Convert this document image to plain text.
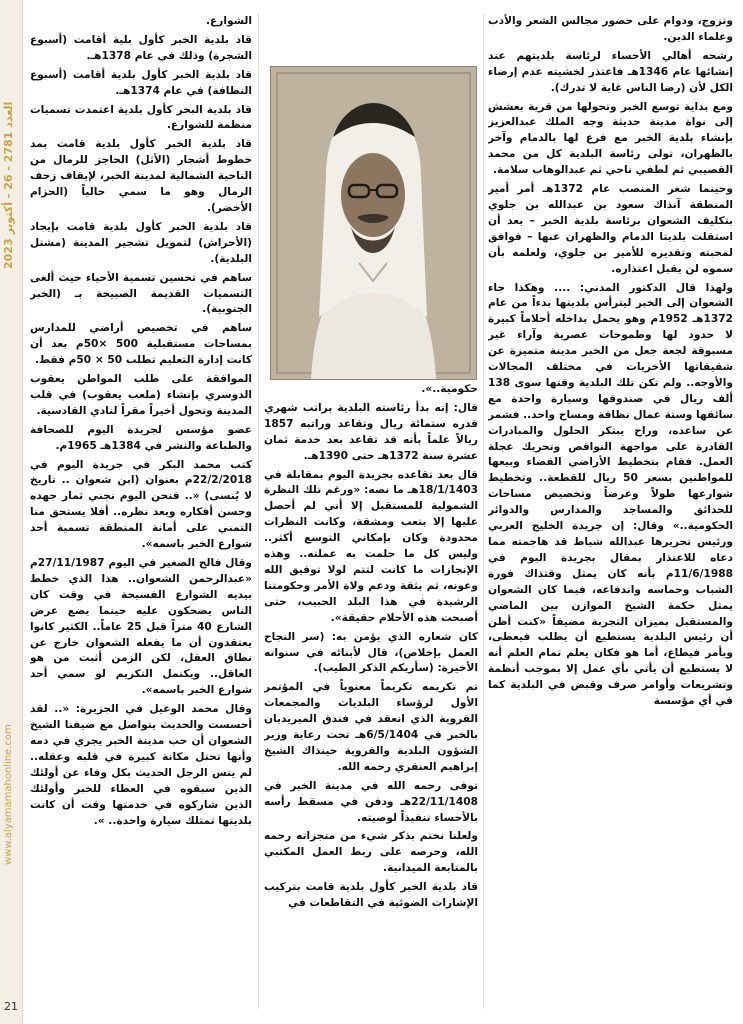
العدد 2781 - 26 - أكتوبر 2023
www.alyamamahonline.com
21

وتزوج، ودوام على حضور مجالس الشعر والأدب وعلماء الدين.

رشحه أهالي الأحساء لرئاسة بلديتهم عند إنشائها عام 1346هـ فاعتذر لخشيته عدم إرضاء الكل لأن (رضا الناس غاية لا تدرك).

ومع بداية توسع الخبر وتحولها من قرية بعشش إلى نواة مدينة حديثة وجه الملك عبدالعزيز بإنشاء بلدية الخبر مع فرع لها بالدمام وآخر بالظهران، تولى رئاسة البلدية كل من محمد القصيبي ثم لطفي ناجي ثم عبدالوهاب سلامة.

وحينما شغر المنصب عام 1372هـ أمر أمير المنطقة آنذاك سعود بن عبدالله بن جلوي بتكليف الشعوان برئاسة بلدية الخبر – بعد أن استقلت بلديتا الدمام والظهران عنها – فوافق لمحبته وتقديره للأمير بن جلوي، ولعلمه بأن سموه لن يقبل اعتذاره.

ولهذا قال الدكتور المدني: .... وهكذا جاء الشعوان إلى الخبر ليترأس بلديتها بدءاً من عام 1372هـ 1952م وهو يحمل بداخله أحلاماً كبيرة لا حدود لها وطموحات عصرية وآراء غير مسبوقة لجعة جعل من الخبر مدينة متميزة عن شقيقاتها الأخريات في مختلف المجالات والأوجه.. ولم تكن تلك البلدية وقتها سوى 138 ألف ريال في صندوقها وسيارة واحدة مع سائقها وستة عمال نظافة ومساح واحد.. فشمر عن ساعده، وراح يبتكر الحلول والمبادرات القادرة على مواجهة النواقص وتحريك عجلة العمل. فقام بتخطيط الأراضي الفضاء وبيعها للمواطنين بسعر 50 ريال للقطعة.. وتخطيط شوارعها طولاً وعرضاً وتخصيص مساحات للحدائق والمساجد والمدارس والدوائر الحكومية..» وقال: إن جريدة الخليج العربي ورئيس تحريرها عبدالله شباط قد هاجمته مما دعاه للاعتذار بمقال بجريدة اليوم في 11/6/1988م بأنه كان يمثل وقتذاك فورة الشباب وحماسه واندفاعه، فيما كان الشعوان يمثل حكمة الشيخ الموازن بين الماضي والمستقبل بميزان التجربة مضيفاً «كنت أظن أن رئيس البلدية يستطيع أن يطلب فيعطى، ويأمر فيطاع، أما هو فكان يعلم تمام العلم أنه لا يستطيع أن يأتي بأي عمل إلا بموجب أنظمة وتشريعات وأوامر صرف وقبض في البلدية كما في أي مؤسسة

حكومية..».

قال: إنه بدأ رئاسته البلدية براتب شهري قدره ستمائة ريال وتقاعد وراتبه 1857 ريالاً علماً بأنه قد تقاعد بعد خدمة ثمان عشرة سنة 1372هـ حتى 1390هـ.

قال بعد تقاعده بجريدة اليوم بمقابلة في 18/1/1403هـ ما نصه: «ورغم تلك النظرة الشمولية للمستقبل إلا أني لم أحصل عليها إلا بتعب ومشقة، وكانت النظرات محدودة وكان بإمكاني التوسع أكثر.. وليس كل ما حلمت به عملته.. وهذه الإنجازات ما كانت لتتم لولا توفيق الله وعونه، ثم بثقة ودعم ولاة الأمر وحكومتنا الرشيدة في هذا البلد الحبيب، حتى أصبحت هذه الأحلام حقيقة».

كان شعاره الذي يؤمن به: (سر النجاح العمل بإخلاص)، قال لأبنائه في سنواته الأخيرة: (سأريكم الذكر الطيب).

تم تكريمه تكريماً معنوياً في المؤتمر الأول لرؤساء البلديات والمجمعات القروية الذي انعقد في فندق الميريديان بالخبر في 6/5/1404هـ تحت رعاية وزير الشؤون البلدية والقروية حينذاك الشيخ إبراهيم العنقري رحمه الله.

توفى رحمه الله في مدينة الخبر في 22/11/1408هـ ودفن في مسقط رأسه بالأحساء تنفيذاً لوصيته.

ولعلنا نختم بذكر شيء من منجزاته رحمه الله، وحرصه على ربط العمل المكتبي بالمتابعة الميدانية.

قاد بلدية الخبر كأول بلدية قامت بتركيب الإشارات الضوئية في التقاطعات في

الشوارع.

قاد بلدية الخبر كأول بلية أقامت (أسبوع الشجرة) وذلك في عام 1378هـ.

قاد بلدية الخبر كأول بلدية أقامت (أسبوع النظافة) في عام 1374هـ.

قاد بلدية البخر كأول بلدية اعتمدت تسميات منظمة للشوارع.

قاد بلدية الخبر كأول بلدية قامت بمد خطوط أشجار (الأثل) الحاجز للرمال من الناحية الشمالية لمدينة الخبر، لإيقاف زحف الرمال وهو ما سمي حالياً (الحزام الأخضر).

قاد بلدية الخبر كأول بلدية قامت بإيجاد (الأحراش) لتمويل تشجير المدينة (مشتل البلدية).

ساهم في تحسين تسمية الأحياء حيث ألغى التسميات القديمة الصبيخة بـ (الخبر الجنوبية).

ساهم في تخصيص أراضي للمدارس بمساحات مستقبلية 500 ×50م بعد أن كانت إدارة التعليم تطلب 50 × 50م فقط.

الموافقة على طلب المواطن يعقوب الدوسري بإنشاء (ملعب يعقوب) في قلب المدينة وتحول أخيراً مقراً لنادي القادسية.

عضو مؤسس لجريدة اليوم للصحافة والطباعة والنشر في 1384هـ 1965م.

كتب محمد البكر في جريدة اليوم في 22/2/2018م بعنوان (ابن شعوان .. تاريخ لا يُنسى) «.. فنحن اليوم نجني ثمار جهده وحسن أفكاره وبعد نظره.. أفلا يستحق منا التمني على أمانة المنطقة تسمية أحد شوارع الخبر باسمه».

وقال فالح الصغير في اليوم 27/11/1987م «عبدالرحمن الشعوان.. هذا الذي خطط بيديه الشوارع الفسيحة في وقت كان الناس يضحكون عليه حينما يضع عرض الشارع 40 متراً قبل 25 عاماً.. الكثير كانوا يعتقدون أن ما يفعله الشعوان خارج عن نطاق العقل، لكن الزمن أثبت من هو العاقل.. ويكتمل التكريم لو سمي أحد شوارع الخبر باسمه».

وقال محمد الوعيل في الجزيرة: «.. لقد أحسست والحديث يتواصل مع ضيفنا الشيخ الشعوان أن حب مدينة الخبر يجري في دمه وأنها تحتل مكانة كبيرة في قلبه وعقله.. لم ينس الرجل الحديث بكل وفاء عن أولئك الذين سبقوه في العطاء للخبر وأولئك الذين شاركوه في خدمتها وقت أن كانت بلديتها تمتلك سيارة واحدة.. ».
